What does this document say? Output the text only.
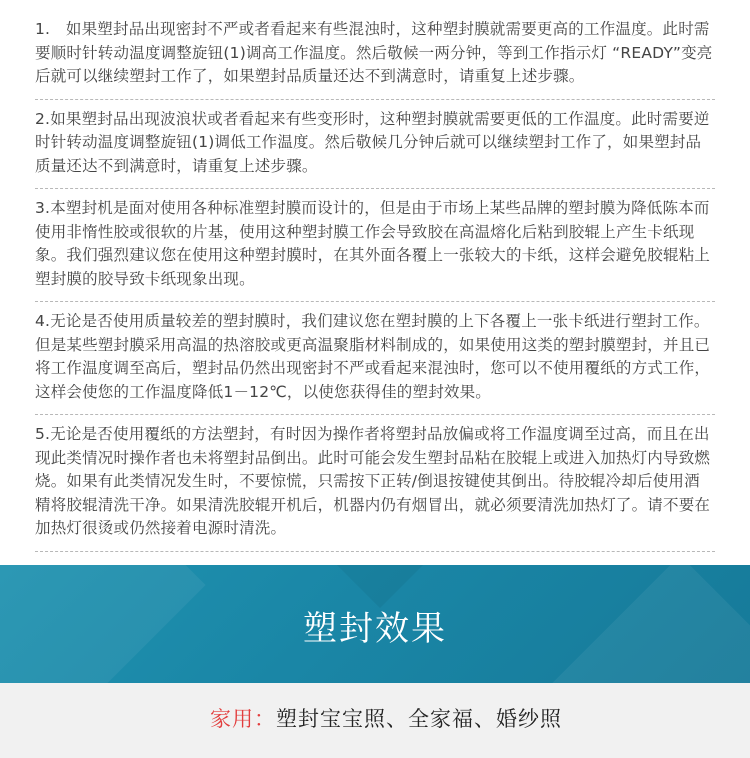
1.　如果塑封品出现密封不严或者看起来有些混浊时，这种塑封膜就需要更高的工作温度。此时需要顺时针转动温度调整旋钮(1)调高工作温度。然后敬候一两分钟，等到工作指示灯 “READY”变亮后就可以继续塑封工作了，如果塑封品质量还达不到满意时，请重复上述步骤。

2.如果塑封品出现波浪状或者看起来有些变形时，这种塑封膜就需要更低的工作温度。此时需要逆时针转动温度调整旋钮(1)调低工作温度。然后敬候几分钟后就可以继续塑封工作了，如果塑封品质量还达不到满意时，请重复上述步骤。

3.本塑封机是面对使用各种标准塑封膜而设计的，但是由于市场上某些品牌的塑封膜为降低陈本而使用非惰性胶或很软的片基，使用这种塑封膜工作会导致胶在高温熔化后粘到胶辊上产生卡纸现象。我们强烈建议您在使用这种塑封膜时，在其外面各覆上一张较大的卡纸，这样会避免胶辊粘上塑封膜的胶导致卡纸现象出现。

4.无论是否使用质量较差的塑封膜时，我们建议您在塑封膜的上下各覆上一张卡纸进行塑封工作。但是某些塑封膜采用高温的热溶胶或更高温聚脂材料制成的，如果使用这类的塑封膜塑封，并且已将工作温度调至高后，塑封品仍然出现密封不严或看起来混浊时，您可以不使用覆纸的方式工作，这样会使您的工作温度降低1－12℃，以使您获得佳的塑封效果。

5.无论是否使用覆纸的方法塑封，有时因为操作者将塑封品放偏或将工作温度调至过高，而且在出现此类情况时操作者也未将塑封品倒出。此时可能会发生塑封品粘在胶辊上或进入加热灯内导致燃烧。如果有此类情况发生时，不要惊慌，只需按下正转/倒退按键使其倒出。待胶辊冷却后使用酒精将胶辊清洗干净。如果清洗胶辊开机后，机器内仍有烟冒出，就必须要清洗加热灯了。请不要在加热灯很烫或仍然接着电源时清洗。

塑封效果
家用：塑封宝宝照、全家福、婚纱照
